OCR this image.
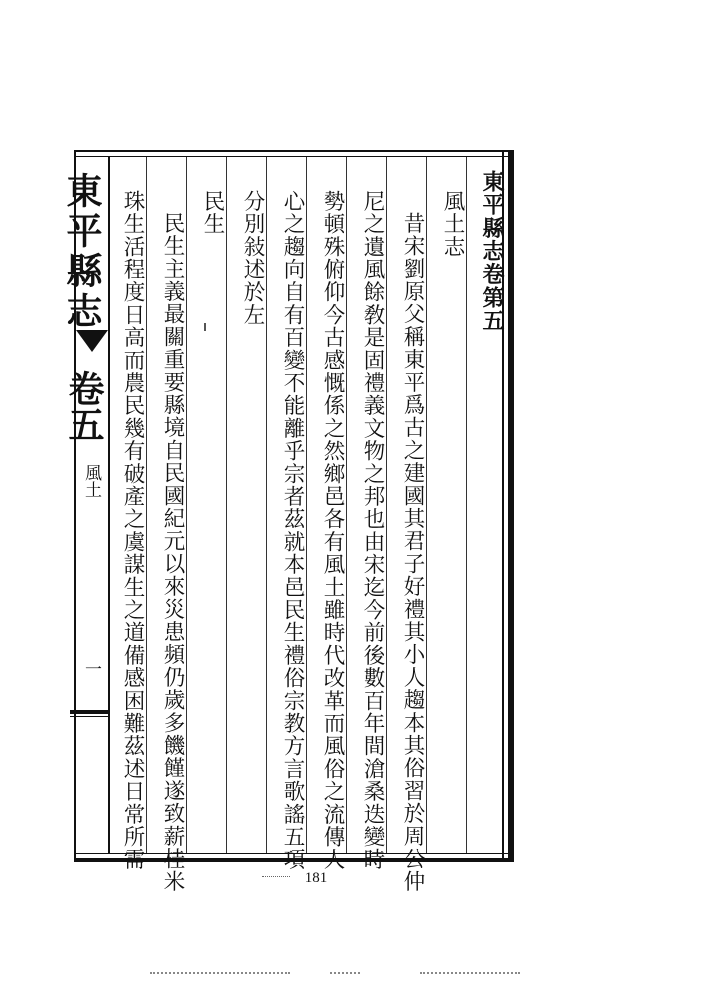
東平縣志
卷五
風土
一
東平縣志卷第五
風土志
昔宋劉原父稱東平爲古之建國其君子好禮其小人趨本其俗習於周公仲
尼之遺風餘敎是固禮義文物之邦也由宋迄今前後數百年間滄桑迭變時
勢頓殊俯仰今古感慨係之然鄉邑各有風土雖時代改革而風俗之流傳人
心之趨向自有百變不能離乎宗者茲就本邑民生禮俗宗教方言歌謠五項
分別敍述於左
民生
民生主義最關重要縣境自民國紀元以來災患頻仍歲多饑饉遂致薪桂米
珠生活程度日高而農民幾有破產之虞謀生之道備感困難茲述日常所需
181
